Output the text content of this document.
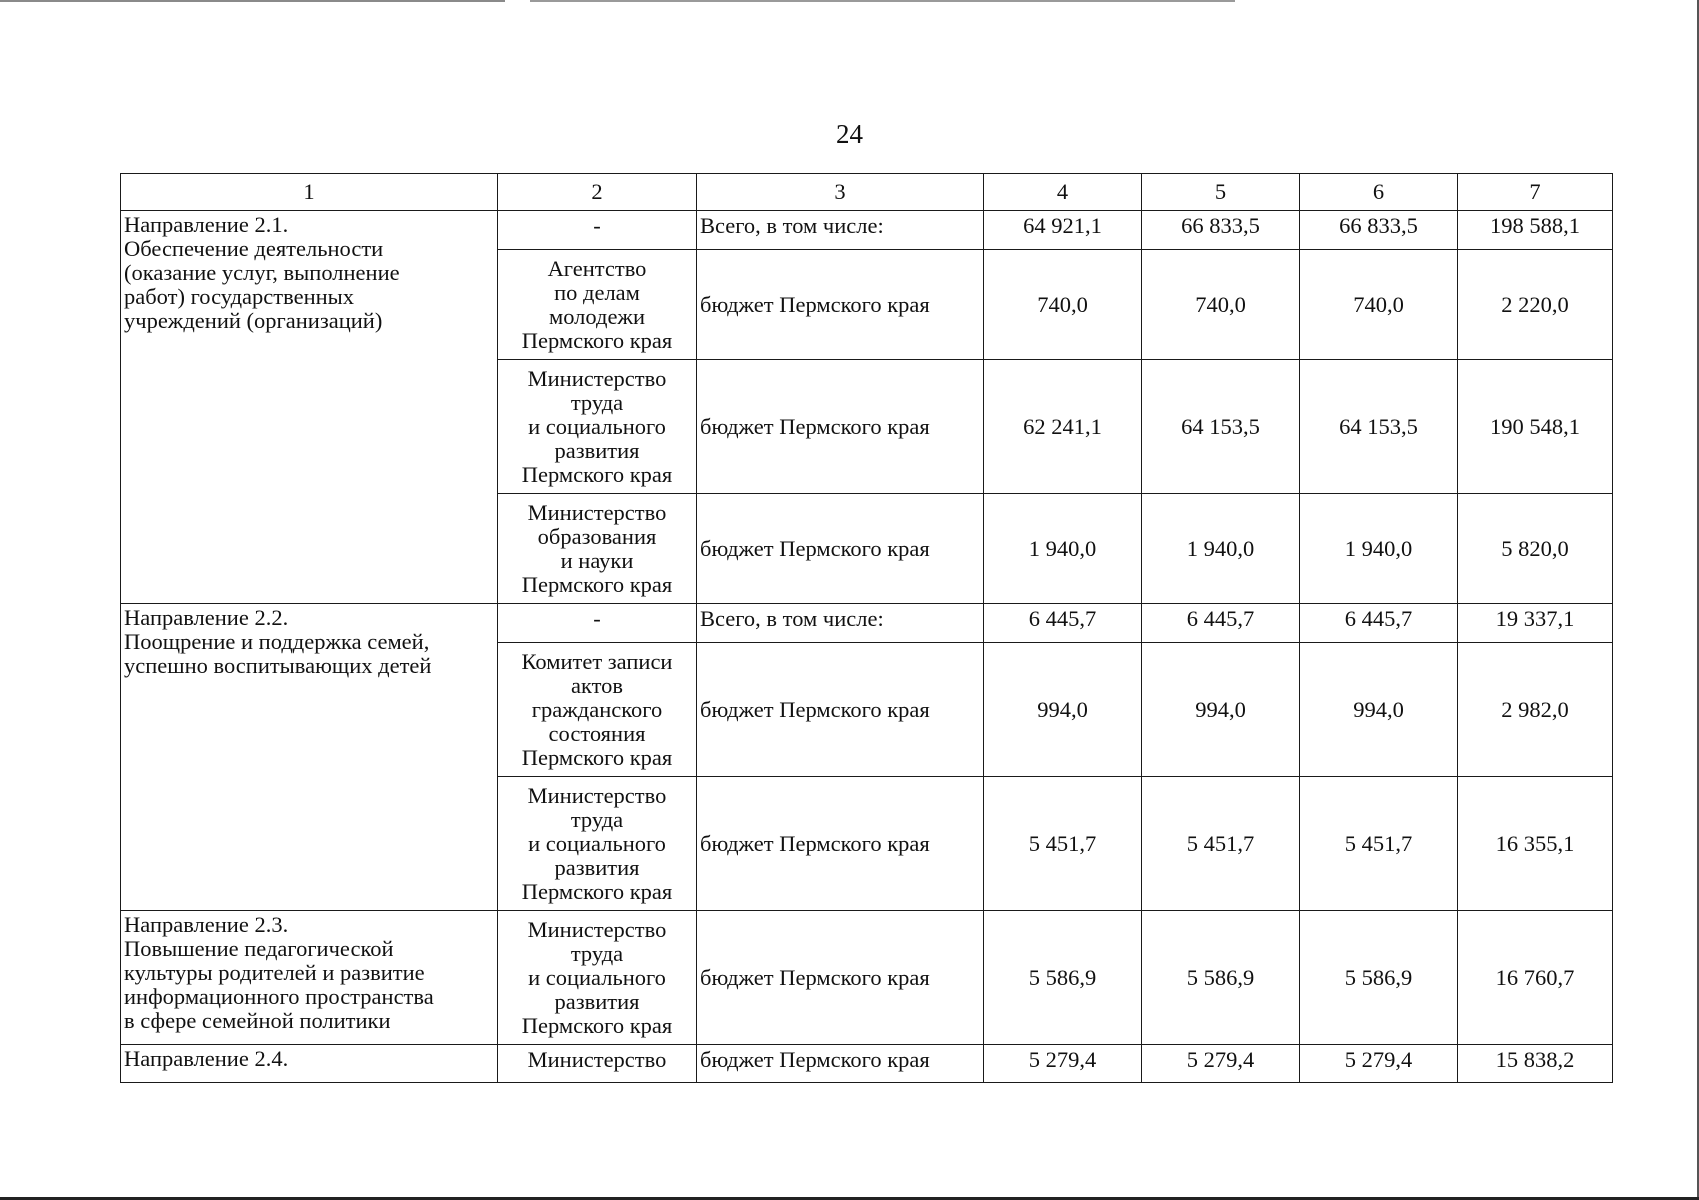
24
1	2	3	4	5	6	7

Направление 2.1.
Обеспечение деятельности
(оказание услуг, выполнение
работ) государственных
учреждений (организаций)	-	Всего, в том числе:	64 921,1	66 833,5	66 833,5	198 588,1

	Агентство
по делам
молодежи
Пермского края	бюджет Пермского края	740,0	740,0	740,0	2 220,0

	Министерство
труда
и социального
развития
Пермского края	бюджет Пермского края	62 241,1	64 153,5	64 153,5	190 548,1

	Министерство
образования
и науки
Пермского края	бюджет Пермского края	1 940,0	1 940,0	1 940,0	5 820,0

Направление 2.2.
Поощрение и поддержка семей,
успешно воспитывающих детей	-	Всего, в том числе:	6 445,7	6 445,7	6 445,7	19 337,1

	Комитет записи
актов
гражданского
состояния
Пермского края	бюджет Пермского края	994,0	994,0	994,0	2 982,0

	Министерство
труда
и социального
развития
Пермского края	бюджет Пермского края	5 451,7	5 451,7	5 451,7	16 355,1

Направление 2.3.
Повышение педагогической
культуры родителей и развитие
информационного пространства
в сфере семейной политики	Министерство
труда
и социального
развития
Пермского края	бюджет Пермского края	5 586,9	5 586,9	5 586,9	16 760,7

Направление 2.4.	Министерство	бюджет Пермского края	5 279,4	5 279,4	5 279,4	15 838,2
